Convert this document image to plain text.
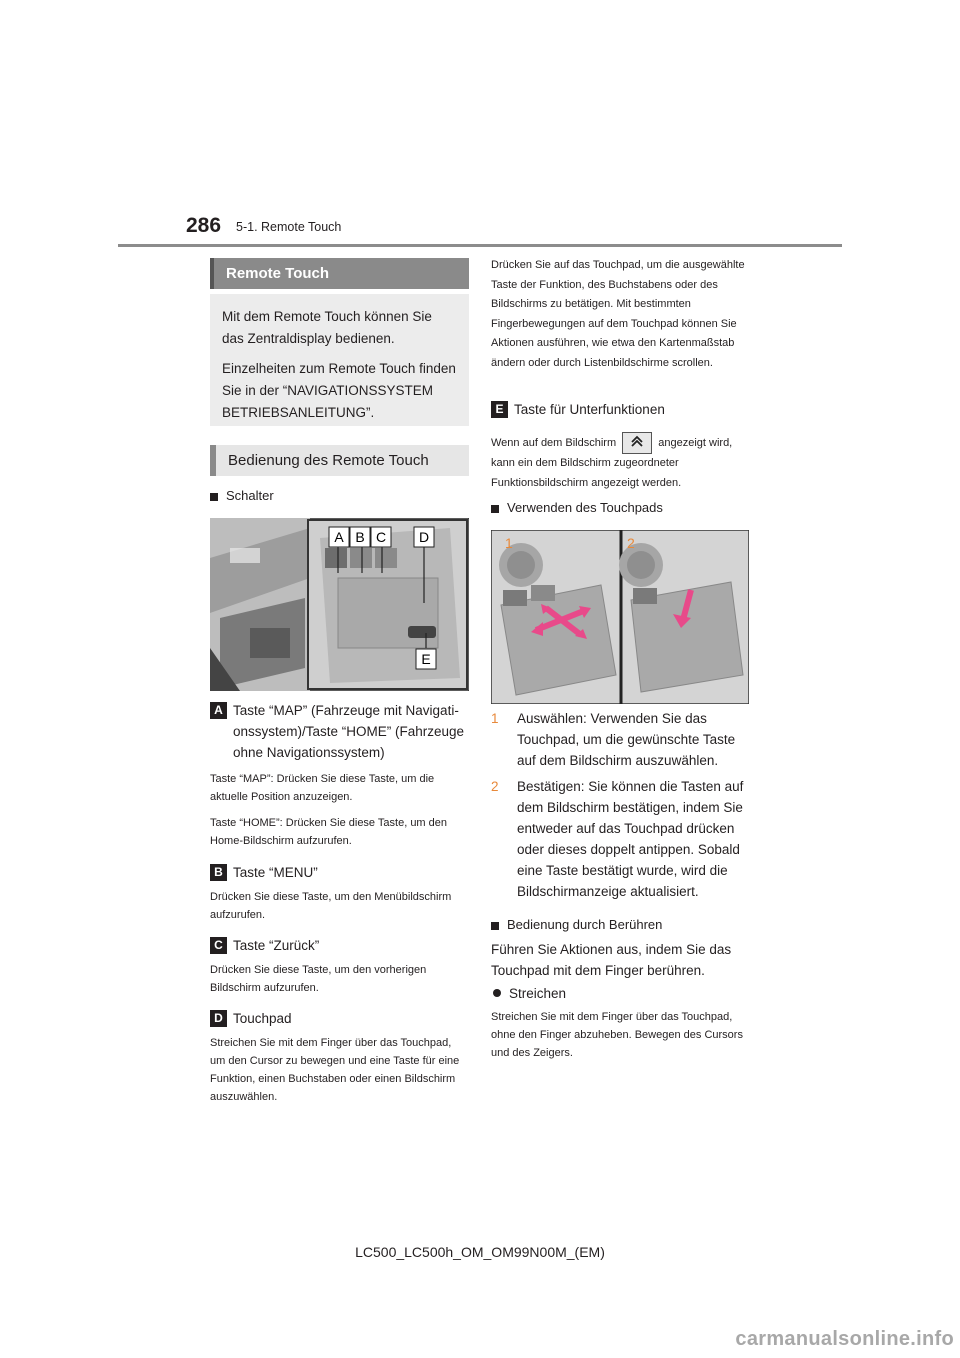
286 5-1. Remote Touch
Remote Touch

Mit dem Remote Touch können Sie das Zentraldisplay bedienen.

Einzelheiten zum Remote Touch finden Sie in der “NAVIGATIONSSYSTEM BETRIEBSANLEITUNG”.

Bedienung des Remote Touch
Schalter
A B C D
E
A Taste “MAP” (Fahrzeuge mit Navigationssystem)/Taste “HOME” (Fahrzeuge ohne Navigationssystem)
Taste “MAP”: Drücken Sie diese Taste, um die aktuelle Position anzuzeigen.
Taste “HOME”: Drücken Sie diese Taste, um den Home-Bildschirm aufzurufen.
B Taste “MENU”
Drücken Sie diese Taste, um den Menübildschirm aufzurufen.
C Taste “Zurück”
Drücken Sie diese Taste, um den vorherigen Bildschirm aufzurufen.
D Touchpad
Streichen Sie mit dem Finger über das Touchpad, um den Cursor zu bewegen und eine Taste für eine Funktion, einen Buchstaben oder einen Bildschirm auszuwählen.
Drücken Sie auf das Touchpad, um die ausgewählte Taste der Funktion, des Buchstabens oder des Bildschirms zu betätigen. Mit bestimmten Fingerbewegungen auf dem Touchpad können Sie Aktionen ausführen, wie etwa den Kartenmaßstab ändern oder durch Listenbildschirme scrollen.
E Taste für Unterfunktionen
Wenn auf dem Bildschirm	angezeigt wird, kann ein dem Bildschirm zugeordneter Funktionsbildschirm angezeigt werden.
Verwenden des Touchpads
1	2
1	Auswählen: Verwenden Sie das Touchpad, um die gewünschte Taste auf dem Bildschirm auszuwählen.
2	Bestätigen: Sie können die Tasten auf dem Bildschirm bestätigen, indem Sie entweder auf das Touchpad drücken oder dieses doppelt antippen. Sobald eine Taste bestätigt wurde, wird die Bildschirmanzeige aktualisiert.
Bedienung durch Berühren
Führen Sie Aktionen aus, indem Sie das Touchpad mit dem Finger berühren.
Streichen
Streichen Sie mit dem Finger über das Touchpad, ohne den Finger abzuheben. Bewegen des Cursors und des Zeigers.
LC500_LC500h_OM_OM99N00M_(EM)
carmanualsonline.info
